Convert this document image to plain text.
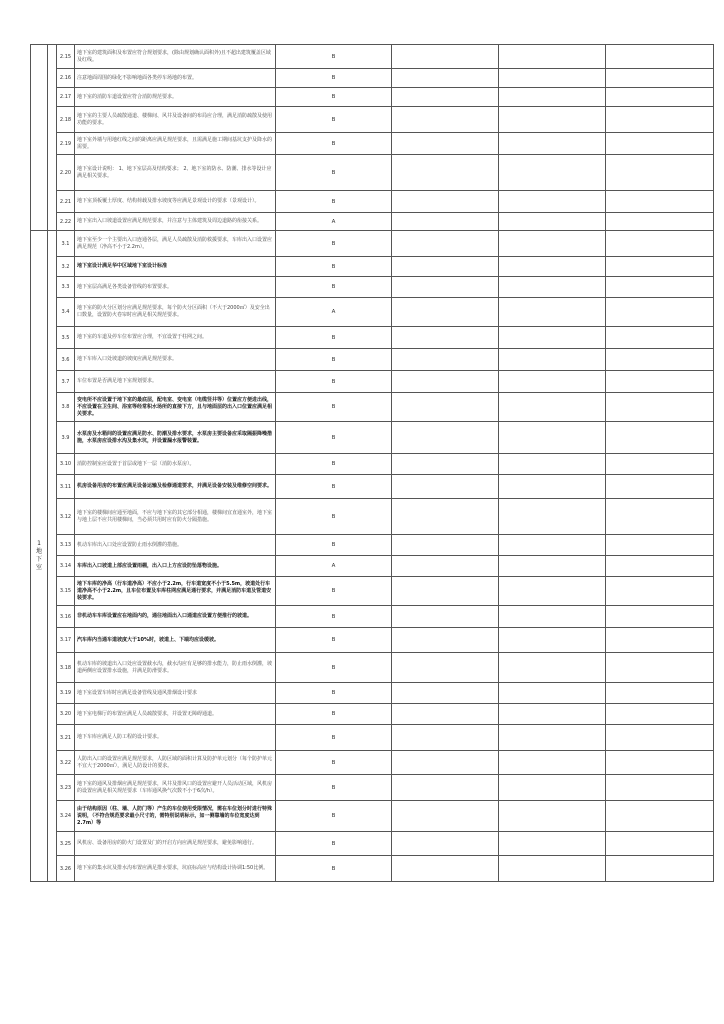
		2.15	地下室的建筑面积及布置应符合规划要求，(除由规划确认面积外)且不超出建筑覆盖区域及红线。	B			
		2.16	注意地面周围的绿化不影响地面各类停车场地的布置。	B			
		2.17	地下室的消防车道设置应符合消防规范要求。	B			
		2.18	地下室的主要人员疏散通道、楼梯间、风井及设备间的布局应合理，满足消防疏散及使用功能的要求。	B			
		2.19	地下室外墙与用地红线之间的距离应满足规范要求，且需满足施工期间基坑支护及降水的需要。	B			
		2.20	地下室设计说明： 1、地下室层高及结构要求； 2、地下室的防水、防潮、排水等设计应满足相关要求。	B			
		2.21	地下室顶板覆土厚度、结构荷载及排水坡度等应满足景观设计的要求（景观设计）。	B			
		2.22	地下室出入口坡道设置应满足规范要求，并注意与主体建筑及周边道路的衔接关系。	A			
1 地 下 室		3.1	地下室至少一个主要出入口连通各层，满足人员疏散及消防救援要求，车库出入口设置应满足规范（净高不小于2.2m）。	B			
		3.2	地下室设计满足华中区域地下室设计标准	B			
		3.3	地下室层高满足各类设备管线的布置要求。	B			
		3.4	地下室的防火分区划分应满足规范要求，每个防火分区面积（不大于2000㎡）及安全出口数量，设置防火卷帘时应满足相关规范要求。	A			
		3.5	地下室的车道及停车位布置应合理，不宜设置于柱网之间。	B			
		3.6	地下车库入口处坡道的坡度应满足规范要求。	B			
		3.7	车位布置是否满足地下室规划要求。	B			
		3.8	变电所不应设置于地下室的最底层，配电室、变电室（电缆竖井等）位置应方便进出线，不应设置在卫生间、浴室等经常积水场所的直接下方，且与地面层的出入口位置应满足相关要求。	B			
		3.9	水泵房及水箱间的设置应满足防水、防潮及排水要求，水泵房主要设备应采取隔振降噪措施，水泵房应设排水沟及集水坑，并设置漏水报警装置。	B			
		3.10	消防控制室应设置于首层或地下一层（消防水泵房）。	B			
		3.11	机房设备用房的布置应满足设备运输及检修通道要求，并满足设备安装及维修空间要求。	B			
		3.12	地下室的楼梯间应通至地面，不应与地下室的其它部分相通，楼梯间宜直通室外，地下室与地上层不应共用楼梯间，当必须共用时应有防火分隔措施。	B			
		3.13	机动车库出入口处应设置防止雨水倒灌的措施。	B			
		3.14	车库出入口坡道上部应设置雨棚，出入口上方应设防坠落物设施。	A			
		3.15	地下车库的净高（行车道净高）不应小于2.2m，行车道宽度不小于5.5m，坡道处行车道净高不小于2.2m，且车位布置及车库柱网应满足通行要求，并满足消防车道及管道安装要求。	B			
		3.16	非机动车车库设置应在地面内的，通往地面出入口通道应设置方便推行的坡道。	B			
		3.17	汽车库内当通车道坡度大于10%时，坡道上、下端均应设缓坡。	B			
		3.18	机动车库的坡道出入口处应设置截水沟，截水沟应有足够的排水能力，防止雨水倒灌，坡道两侧应设置排水设施，并满足防滑要求。	B			
		3.19	地下室设置车库时应满足设备管线及通风排烟设计要求	B			
		3.20	地下室电梯厅的布置应满足人员疏散要求，并设置无障碍通道。	B			
		3.21	地下车库应满足人防工程的设计要求。	B			
		3.22	人防出入口的设置应满足规范要求，人防区域的面积计算及防护单元划分（每个防护单元不宜大于2000㎡），满足人防设计的要求。	B			
		3.23	地下室的通风及排烟应满足规范要求，风井及排风口的设置应避开人员活动区域，风机房的设置应满足相关规范要求（车库通风换气次数不小于6次/h）。	B			
		3.24	由于结构原因（柱、墙、人防门等）产生的车位使用受限情况，需在车位划分时进行特殊说明，（不符合规范要求最小尺寸的，需特别说明标示，如一侧靠墙的车位宽度达到2.7m）等	B			
		3.25	风机房、设备用房的防火门设置及门的开启方向应满足规范要求，避免影响通行。	B			
		3.26	地下室的集水坑及排水沟布置应满足排水要求，坑底标高应与结构设计协调1:50比例。	B			
